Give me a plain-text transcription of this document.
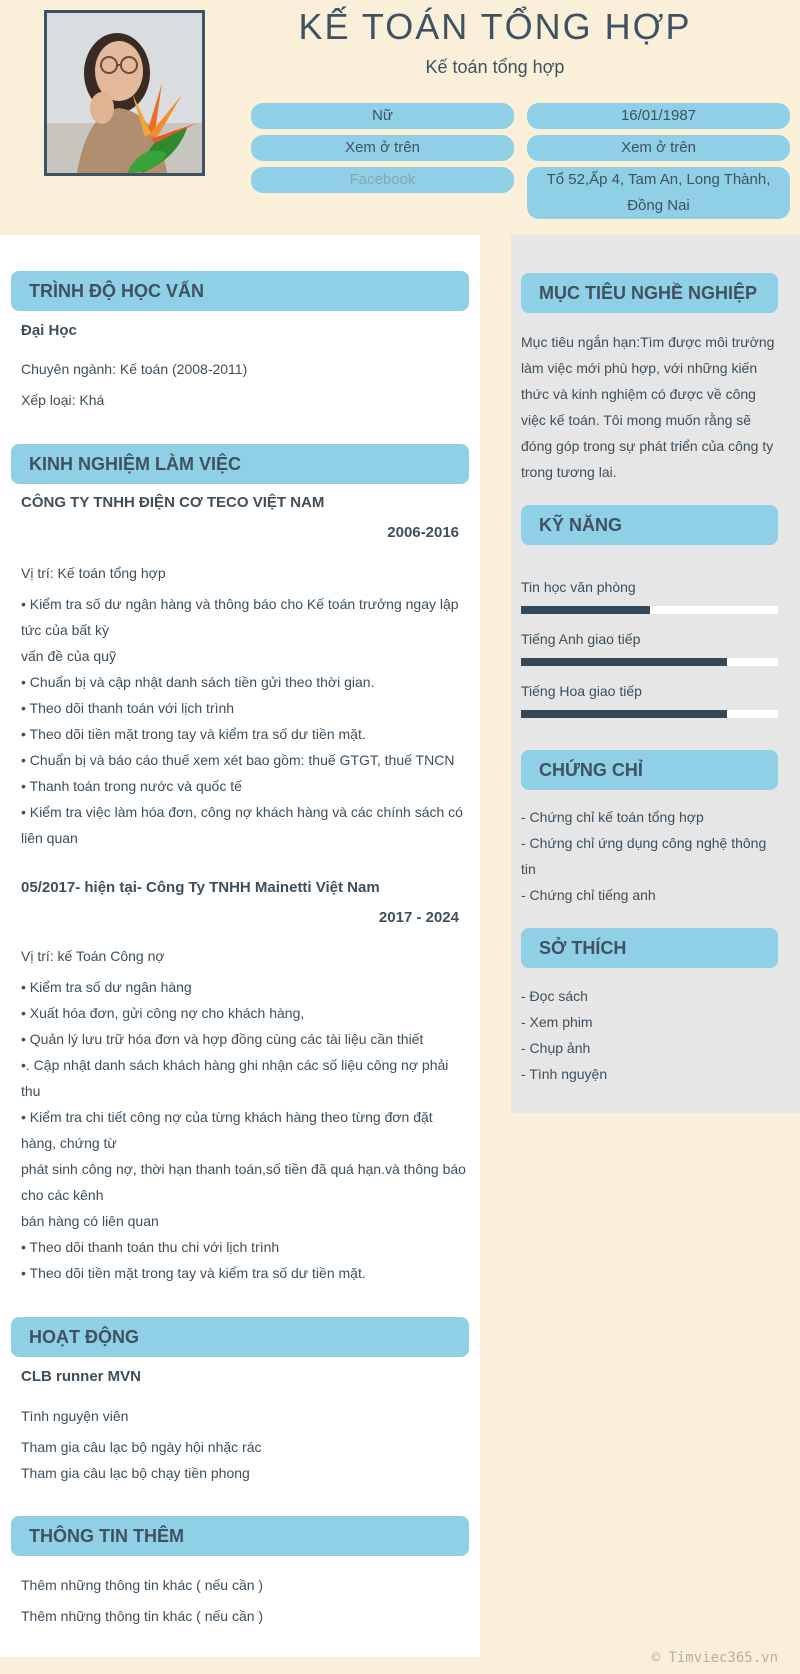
KẾ TOÁN TỔNG HỢP
Kế toán tổng hợp
Nữ	16/01/1987
Xem ở trên	Xem ở trên
Facebook	Tổ 52,Ấp 4, Tam An, Long Thành, Đồng Nai
TRÌNH ĐỘ HỌC VẤN
Đại Học
Chuyên ngành: Kế toán (2008-2011)
Xếp loại: Khá
KINH NGHIỆM LÀM VIỆC
CÔNG TY TNHH ĐIỆN CƠ TECO VIỆT NAM
2006-2016
Vị trí: Kế toán tổng hợp
• Kiểm tra số dư ngân hàng và thông báo cho Kế toán trưởng ngay lập tức của bất kỳ
vấn đề của quỹ
• Chuẩn bị và cập nhật danh sách tiền gửi theo thời gian.
• Theo dõi thanh toán với lịch trình
• Theo dõi tiền mặt trong tay và kiểm tra số dư tiền mặt.
• Chuẩn bị và báo cáo thuế xem xét bao gồm: thuế GTGT, thuế TNCN
• Thanh toán trong nước và quốc tế
• Kiểm tra việc làm hóa đơn, công nợ khách hàng và các chính sách có liên quan
05/2017- hiện tại- Công Ty TNHH Mainetti Việt Nam
2017 - 2024
Vị trí: kế Toán Công nợ
• Kiểm tra số dư ngân hàng
• Xuất hóa đơn, gửi công nợ cho khách hàng,
• Quản lý lưu trữ hóa đơn và hợp đồng cùng các tài liệu cần thiết
•. Cập nhật danh sách khách hàng ghi nhận các số liệu công nợ phải thu
• Kiểm tra chi tiết công nợ của từng khách hàng theo từng đơn đặt hàng, chứng từ
phát sinh công nợ, thời hạn thanh toán,số tiền đã quá hạn.và thông báo cho các kênh
bán hàng có liên quan
• Theo dõi thanh toán thu chi với lịch trình
• Theo dõi tiền mặt trong tay và kiểm tra số dư tiền mặt.
HOẠT ĐỘNG
CLB runner MVN
Tình nguyện viên
Tham gia câu lạc bộ ngày hội nhặc rác
Tham gia câu lạc bộ chạy tiền phong
THÔNG TIN THÊM
Thêm những thông tin khác ( nếu cần )
Thêm những thông tin khác ( nếu cần )
MỤC TIÊU NGHỀ NGHIỆP
Mục tiêu ngắn hạn:Tìm được môi trường làm việc mới phù hợp, với những kiến thức và kinh nghiệm có được về công việc kế toán. Tôi mong muốn rằng sẽ đóng góp trong sự phát triển của công ty trong tương lai.
KỸ NĂNG
Tin học văn phòng
Tiếng Anh giao tiếp
Tiếng Hoa giao tiếp
CHỨNG CHỈ
- Chứng chỉ kế toán tổng hợp
- Chứng chỉ ứng dụng công nghệ thông tin
- Chứng chỉ tiếng anh
SỞ THÍCH
- Đọc sách
- Xem phim
- Chụp ảnh
- Tình nguyện
© Timviec365.vn
